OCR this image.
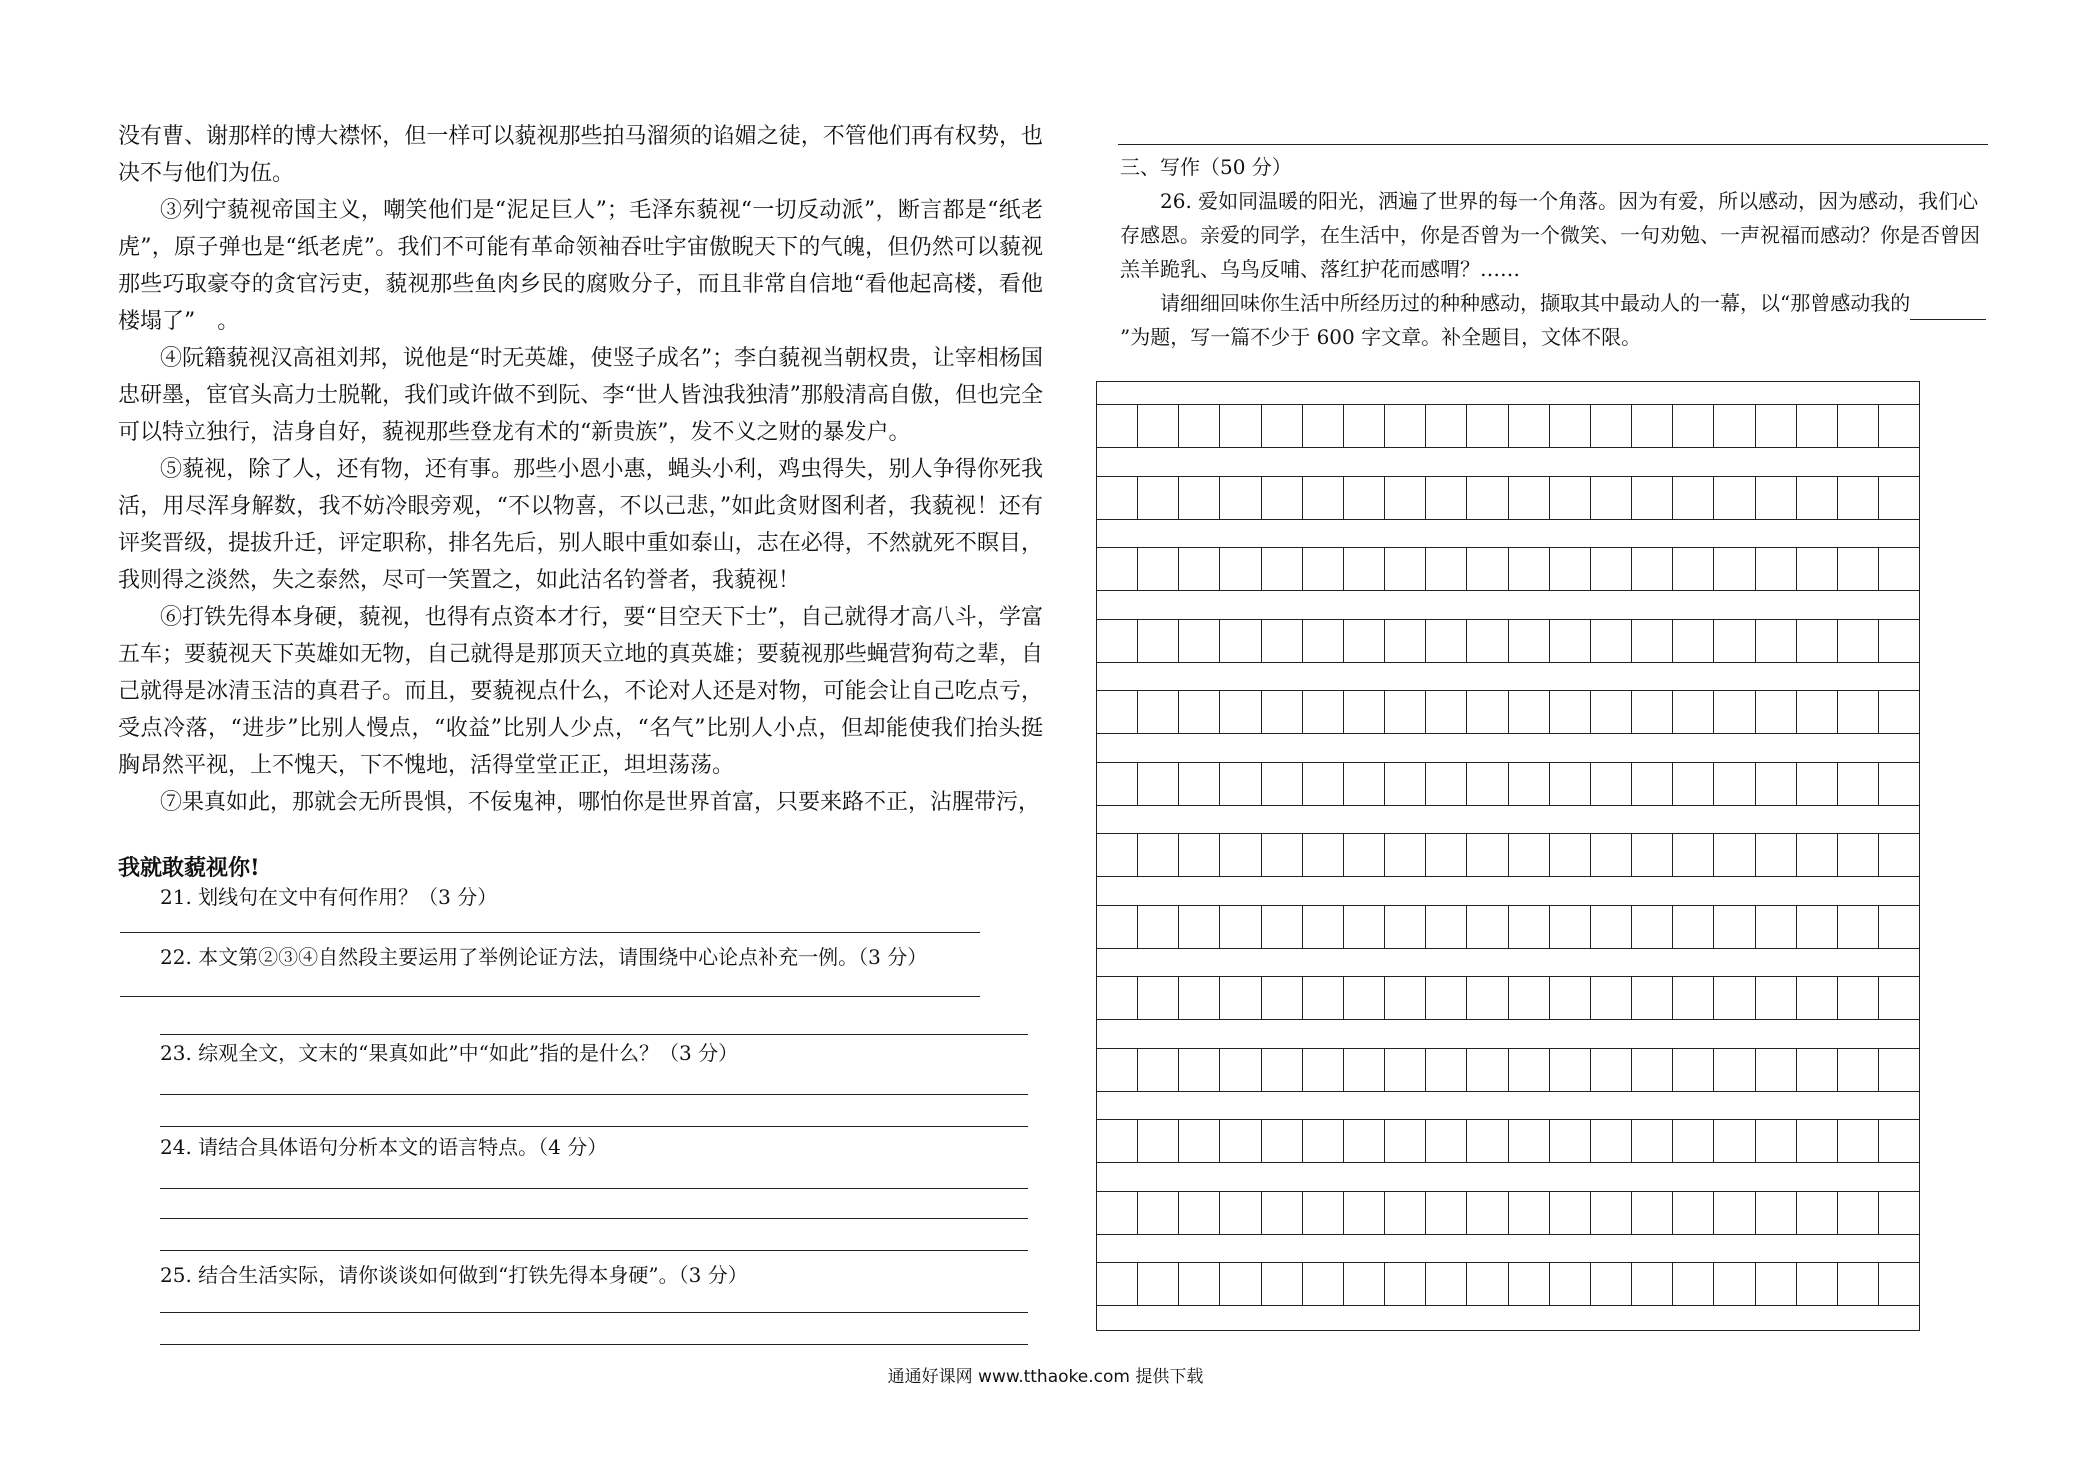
没有曹、谢那样的博大襟怀，但一样可以藐视那些拍马溜须的谄媚之徒，不管他们再有权势，也决不与他们为伍。

③列宁藐视帝国主义，嘲笑他们是“泥足巨人”；毛泽东藐视“一切反动派”，断言都是“纸老虎”，原子弹也是“纸老虎”。我们不可能有革命领袖吞吐宇宙傲睨天下的气魄，但仍然可以藐视那些巧取豪夺的贪官污吏，藐视那些鱼肉乡民的腐败分子，而且非常自信地“看他起高楼，看他楼塌了”　。

④阮籍藐视汉高祖刘邦，说他是“时无英雄，使竖子成名”；李白藐视当朝权贵，让宰相杨国忠研墨，宦官头高力士脱靴，我们或许做不到阮、李“世人皆浊我独清”那般清高自傲，但也完全可以特立独行，洁身自好，藐视那些登龙有术的“新贵族”，发不义之财的暴发户。

⑤藐视，除了人，还有物，还有事。那些小恩小惠，蝇头小利，鸡虫得失，别人争得你死我活，用尽浑身解数，我不妨冷眼旁观，“不以物喜，不以己悲，”如此贪财图利者，我藐视！还有评奖晋级，提拔升迁，评定职称，排名先后，别人眼中重如泰山，志在必得，不然就死不瞑目，我则得之淡然，失之泰然，尽可一笑置之，如此沽名钓誉者，我藐视！

⑥打铁先得本身硬，藐视，也得有点资本才行，要“目空天下士”，自己就得才高八斗，学富五车；要藐视天下英雄如无物，自己就得是那顶天立地的真英雄；要藐视那些蝇营狗苟之辈，自己就得是冰清玉洁的真君子。而且，要藐视点什么，不论对人还是对物，可能会让自己吃点亏，受点冷落，“进步”比别人慢点，“收益”比别人少点，“名气”比别人小点，但却能使我们抬头挺胸昂然平视，上不愧天，下不愧地，活得堂堂正正，坦坦荡荡。

⑦果真如此，那就会无所畏惧，不佞鬼神，哪怕你是世界首富，只要来路不正，沾腥带污，

我就敢藐视你!

21. 划线句在文中有何作用？（3 分）
22. 本文第②③④自然段主要运用了举例论证方法，请围绕中心论点补充一例。（3 分）
23. 综观全文，文末的“果真如此”中“如此”指的是什么？（3 分）
24. 请结合具体语句分析本文的语言特点。（4 分）
25. 结合生活实际，请你谈谈如何做到“打铁先得本身硬”。（3 分）

三、写作（50 分）

26. 爱如同温暖的阳光，洒遍了世界的每一个角落。因为有爱，所以感动，因为感动，我们心存感恩。亲爱的同学，在生活中，你是否曾为一个微笑、一句劝勉、一声祝福而感动？你是否曾因羔羊跪乳、乌鸟反哺、落红护花而感喟？……

请细细回味你生活中所经历过的种种感动，撷取其中最动人的一幕，以“那曾感动我的”为题，写一篇不少于 600 字文章。补全题目，文体不限。

通通好课网 www.tthaoke.com 提供下载
